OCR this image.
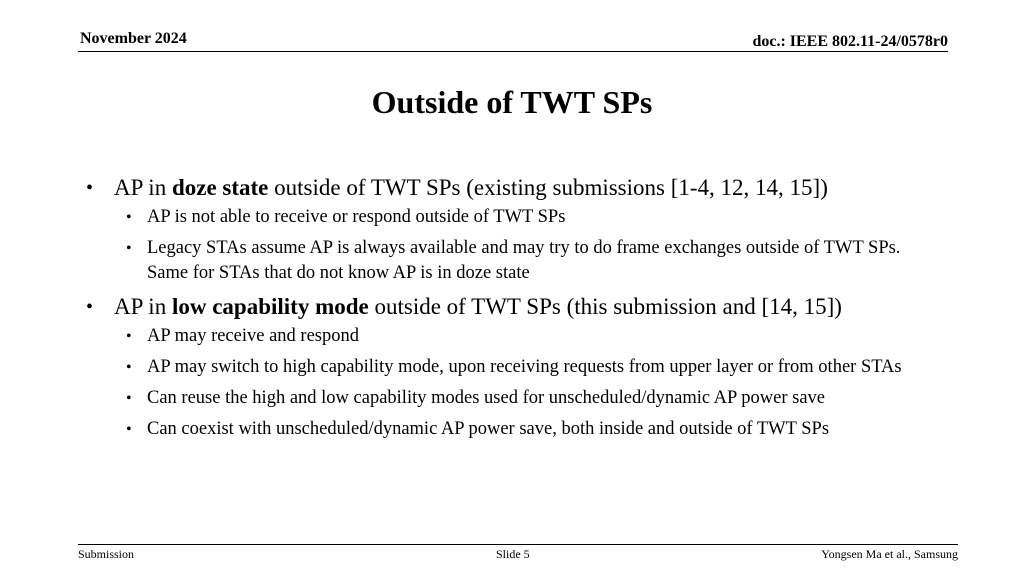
November 2024	doc.: IEEE 802.11-24/0578r0
Outside of TWT SPs
• AP in doze state outside of TWT SPs (existing submissions [1-4, 12, 14, 15])
• AP is not able to receive or respond outside of TWT SPs
• Legacy STAs assume AP is always available and may try to do frame exchanges outside of TWT SPs. Same for STAs that do not know AP is in doze state
• AP in low capability mode outside of TWT SPs (this submission and [14, 15])
• AP may receive and respond
• AP may switch to high capability mode, upon receiving requests from upper layer or from other STAs
• Can reuse the high and low capability modes used for unscheduled/dynamic AP power save
• Can coexist with unscheduled/dynamic AP power save, both inside and outside of TWT SPs
Submission	Slide 5	Yongsen Ma et al., Samsung
